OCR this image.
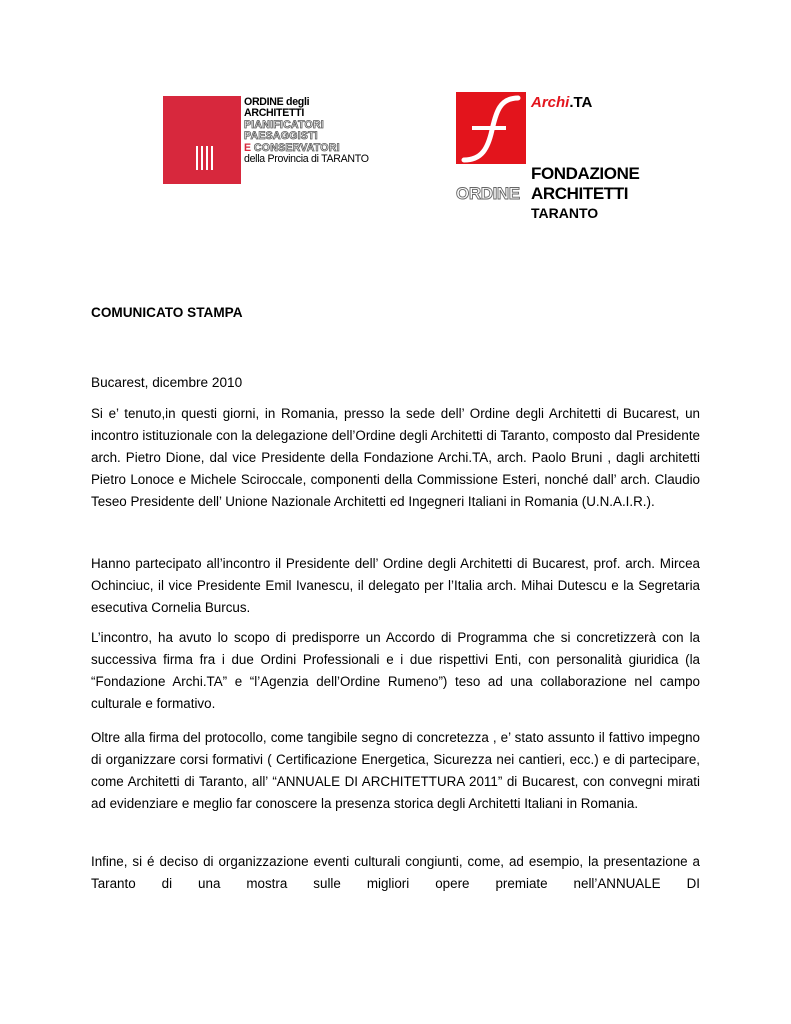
ORDINE degli
ARCHITETTI
PIANIFICATORI
PAESAGGISTI
E CONSERVATORI
della Provincia di TARANTO
Archi.TA
FONDAZIONE
ORDINE ARCHITETTI
TARANTO
COMUNICATO STAMPA
Bucarest, dicembre 2010

Si e’ tenuto,in questi giorni, in Romania, presso la sede dell’ Ordine degli Architetti di Bucarest, un incontro istituzionale con la delegazione dell’Ordine degli Architetti di Taranto, composto dal Presidente arch. Pietro Dione, dal vice Presidente della Fondazione Archi.TA, arch. Paolo Bruni , dagli architetti Pietro Lonoce e Michele Sciroccale, componenti della Commissione Esteri, nonché dall’ arch. Claudio Teseo Presidente dell’ Unione Nazionale Architetti ed Ingegneri Italiani in Romania (U.N.A.I.R.).

Hanno partecipato all’incontro il Presidente dell’ Ordine degli Architetti di Bucarest, prof. arch. Mircea Ochinciuc, il vice Presidente Emil Ivanescu, il delegato per l’Italia arch. Mihai Dutescu e la Segretaria esecutiva Cornelia Burcus.

L’incontro, ha avuto lo scopo di predisporre un Accordo di Programma che si concretizzerà con la successiva firma fra i due Ordini Professionali e i due rispettivi Enti, con personalità giuridica (la “Fondazione Archi.TA” e “l’Agenzia dell’Ordine Rumeno”) teso ad una collaborazione nel campo culturale e formativo.

Oltre alla firma del protocollo, come tangibile segno di concretezza , e’ stato assunto il fattivo impegno di organizzare corsi formativi ( Certificazione Energetica, Sicurezza nei cantieri, ecc.) e di partecipare, come Architetti di Taranto, all’ “ANNUALE DI ARCHITETTURA 2011” di Bucarest, con convegni mirati ad evidenziare e meglio far conoscere la presenza storica degli Architetti Italiani in Romania.

Infine, si é deciso di organizzazione eventi culturali congiunti, come, ad esempio, la presentazione a Taranto di una mostra sulle migliori opere premiate nell’ANNUALE DI
